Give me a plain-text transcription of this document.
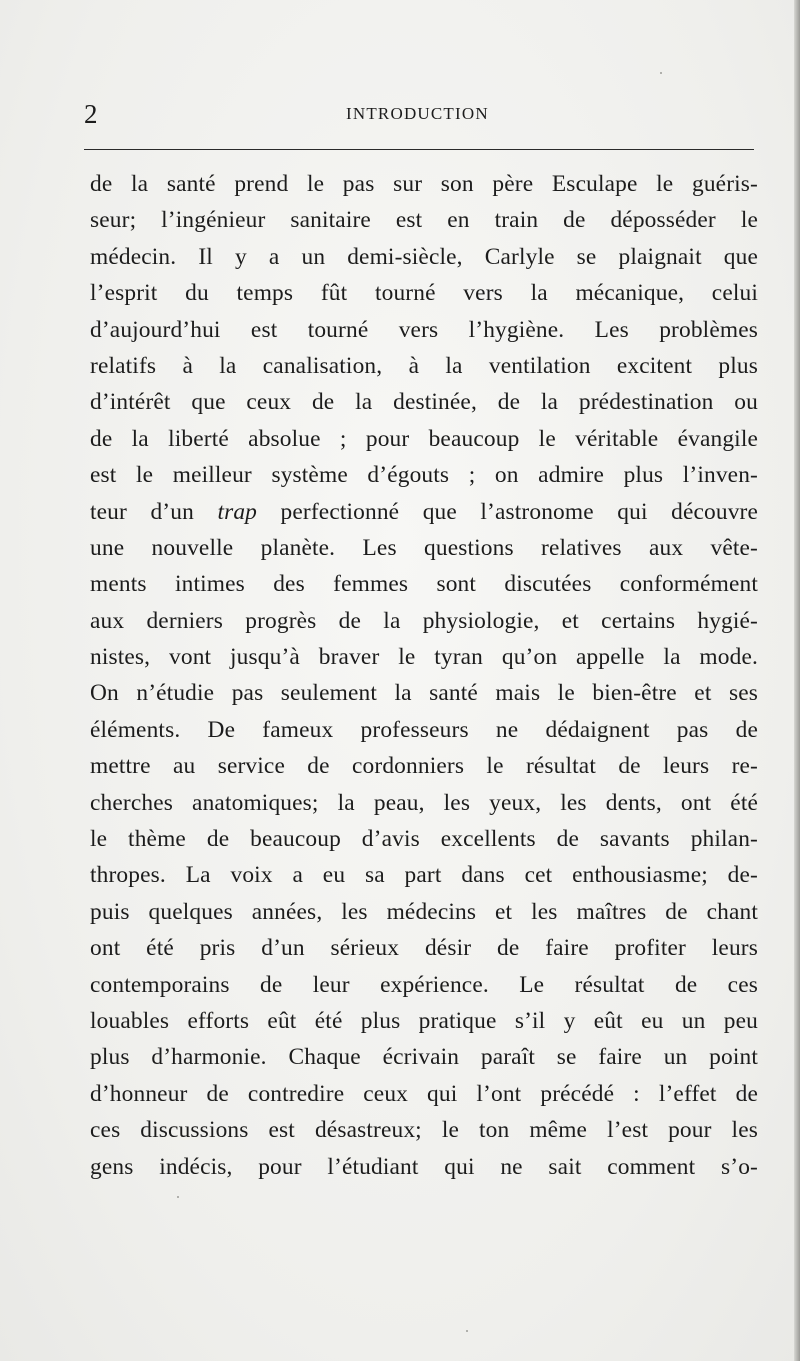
2	INTRODUCTION
de la santé prend le pas sur son père Esculape le guéris-
seur; l’ingénieur sanitaire est en train de déposséder le
médecin. Il y a un demi-siècle, Carlyle se plaignait que
l’esprit du temps fût tourné vers la mécanique, celui
d’aujourd’hui est tourné vers l’hygiène. Les problèmes
relatifs à la canalisation, à la ventilation excitent plus
d’intérêt que ceux de la destinée, de la prédestination ou
de la liberté absolue ; pour beaucoup le véritable évangile
est le meilleur système d’égouts ; on admire plus l’inven-
teur d’un trap perfectionné que l’astronome qui découvre
une nouvelle planète. Les questions relatives aux vête-
ments intimes des femmes sont discutées conformément
aux derniers progrès de la physiologie, et certains hygié-
nistes, vont jusqu’à braver le tyran qu’on appelle la mode.
On n’étudie pas seulement la santé mais le bien-être et ses
éléments. De fameux professeurs ne dédaignent pas de
mettre au service de cordonniers le résultat de leurs re-
cherches anatomiques; la peau, les yeux, les dents, ont été
le thème de beaucoup d’avis excellents de savants philan-
thropes. La voix a eu sa part dans cet enthousiasme; de-
puis quelques années, les médecins et les maîtres de chant
ont été pris d’un sérieux désir de faire profiter leurs
contemporains de leur expérience. Le résultat de ces
louables efforts eût été plus pratique s’il y eût eu un peu
plus d’harmonie. Chaque écrivain paraît se faire un point
d’honneur de contredire ceux qui l’ont précédé : l’effet de
ces discussions est désastreux; le ton même l’est pour les
gens indécis, pour l’étudiant qui ne sait comment s’o-
